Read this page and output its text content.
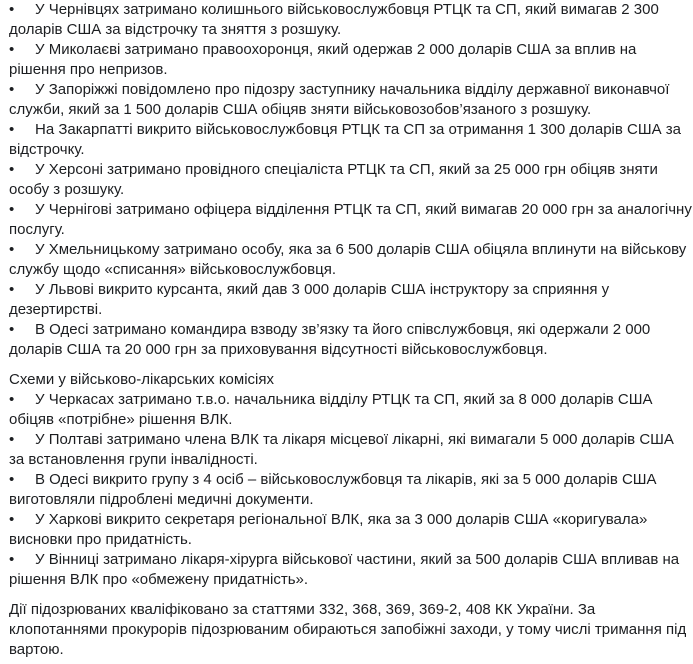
• У Чернівцях затримано колишнього військовослужбовця РТЦК та СП, який вимагав 2 300 доларів США за відстрочку та зняття з розшуку.
• У Миколаєві затримано правоохоронця, який одержав 2 000 доларів США за вплив на рішення про непризов.
• У Запоріжжі повідомлено про підозру заступнику начальника відділу державної виконавчої служби, який за 1 500 доларів США обіцяв зняти військовозобов’язаного з розшуку.
• На Закарпатті викрито військовослужбовця РТЦК та СП за отримання 1 300 доларів США за відстрочку.
• У Херсоні затримано провідного спеціаліста РТЦК та СП, який за 25 000 грн обіцяв зняти особу з розшуку.
• У Чернігові затримано офіцера відділення РТЦК та СП, який вимагав 20 000 грн за аналогічну послугу.
• У Хмельницькому затримано особу, яка за 6 500 доларів США обіцяла вплинути на військову службу щодо «списання» військовослужбовця.
• У Львові викрито курсанта, який дав 3 000 доларів США інструктору за сприяння у дезертирстві.
• В Одесі затримано командира взводу зв’язку та його співслужбовця, які одержали 2 000 доларів США та 20 000 грн за приховування відсутності військовослужбовця.
Схеми у військово-лікарських комісіях
• У Черкасах затримано т.в.о. начальника відділу РТЦК та СП, який за 8 000 доларів США обіцяв «потрібне» рішення ВЛК.
• У Полтаві затримано члена ВЛК та лікаря місцевої лікарні, які вимагали 5 000 доларів США за встановлення групи інвалідності.
• В Одесі викрито групу з 4 осіб – військовослужбовця та лікарів, які за 5 000 доларів США виготовляли підроблені медичні документи.
• У Харкові викрито секретаря регіональної ВЛК, яка за 3 000 доларів США «коригувала» висновки про придатність.
• У Вінниці затримано лікаря-хірурга військової частини, який за 500 доларів США впливав на рішення ВЛК про «обмежену придатність».
Дії підозрюваних кваліфіковано за статтями 332, 368, 369, 369-2, 408 КК України. За клопотаннями прокурорів підозрюваним обираються запобіжні заходи, у тому числі тримання під вартою.
